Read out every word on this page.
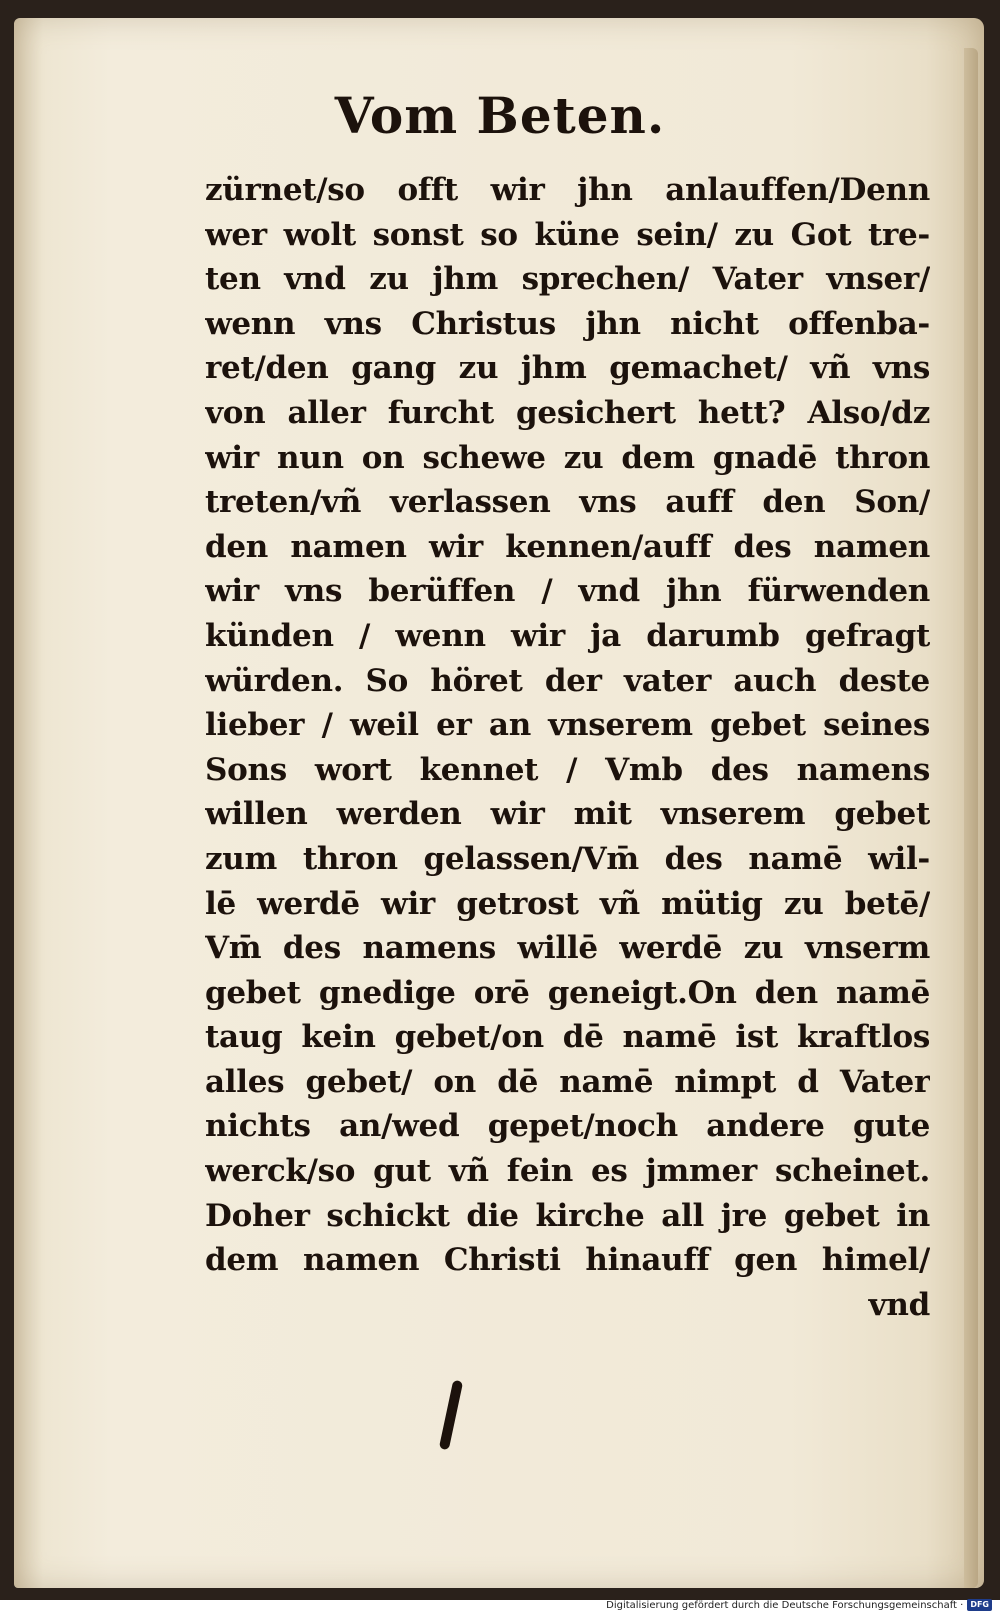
Vom Beten.
zürnet/so offt wir jhn anlauffen/Denn
wer wolt sonst so küne sein/ zu Got tre-
ten vnd zu jhm sprechen/ Vater vnser/
wenn vns Christus jhn nicht offenba-
ret/den gang zu jhm gemachet/ vñ vns
von aller furcht gesichert hett? Also/dz
wir nun on schewe zu dem gnadē thron
treten/vñ verlassen vns auff den Son/
den namen wir kennen/auff des namen
wir vns berüffen / vnd jhn fürwenden
künden / wenn wir ja darumb gefragt
würden. So höret der vater auch deste
lieber / weil er an vnserem gebet seines
Sons wort kennet / Vmb des namens
willen werden wir mit vnserem gebet
zum thron gelassen/Vm̄ des namē wil-
lē werdē wir getrost vñ mütig zu betē/
Vm̄ des namens willē werdē zu vnserm
gebet gnedige orē geneigt.On den namē
taug kein gebet/on dē namē ist kraftlos
alles gebet/ on dē namē nimpt d Vater
nichts an/wed gepet/noch andere gute
werck/so gut vñ fein es jmmer scheinet.
Doher schickt die kirche all jre gebet in
dem namen Christi hinauff gen himel/
vnd
Digitalisierung gefördert durch die Deutsche Forschungsgemeinschaft · DFG
